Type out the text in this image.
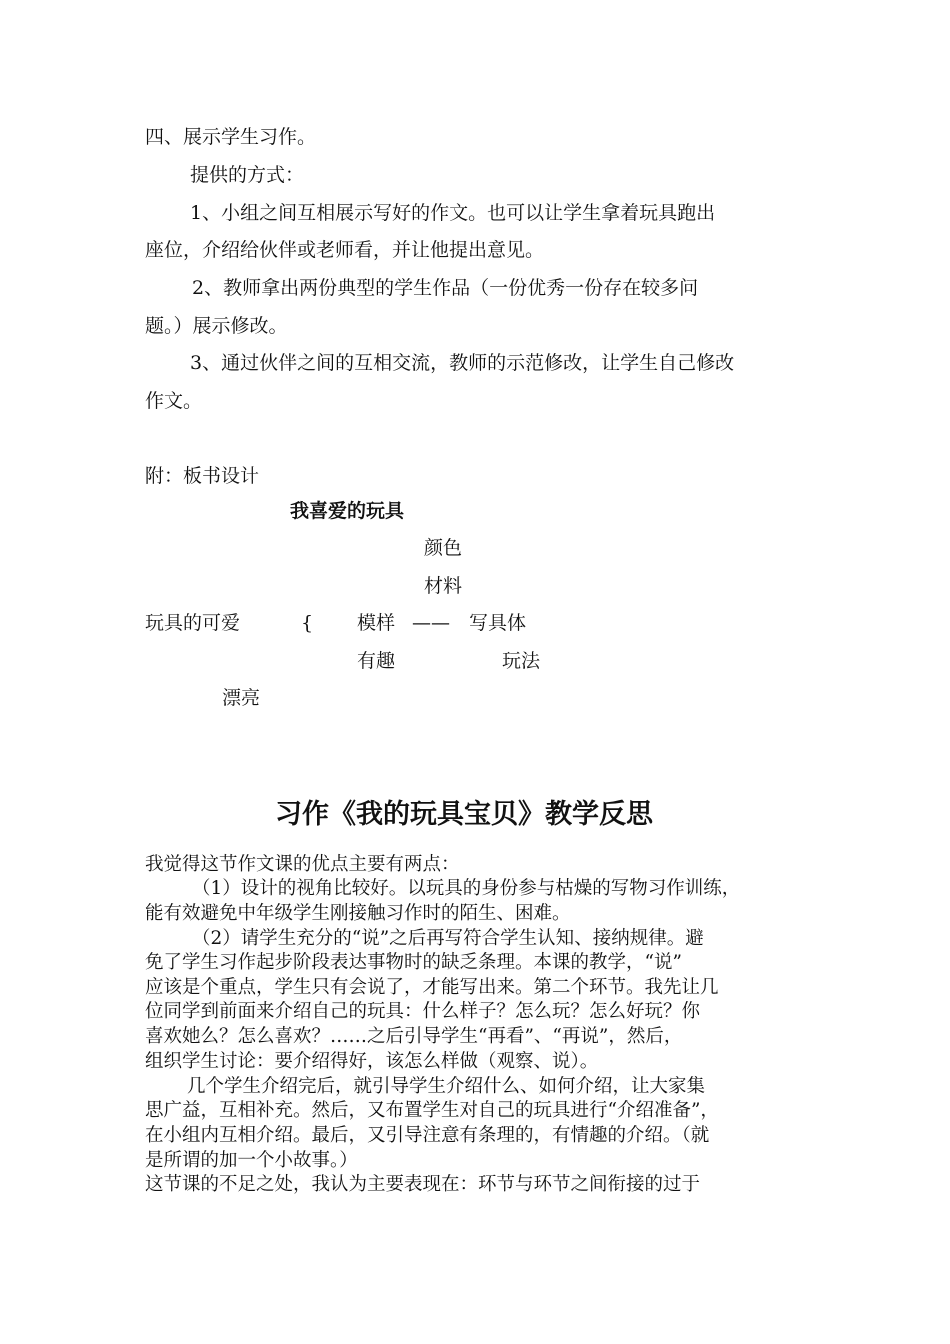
四、展示学生习作。
提供的方式：
1、小组之间互相展示写好的作文。也可以让学生拿着玩具跑出
座位，介绍给伙伴或老师看，并让他提出意见。
2、教师拿出两份典型的学生作品（一份优秀一份存在较多问
题。）展示修改。
3、通过伙伴之间的互相交流，教师的示范修改，让学生自己修改
作文。
附：板书设计
我喜爱的玩具
颜色
材料
玩具的可爱	{ 模样 —— 写具体
有趣	玩法
漂亮
习作《我的玩具宝贝》教学反思
我觉得这节作文课的优点主要有两点：
（1）设计的视角比较好。以玩具的身份参与枯燥的写物习作训练，
能有效避免中年级学生刚接触习作时的陌生、困难。
（2）请学生充分的“说”之后再写符合学生认知、接纳规律。避
免了学生习作起步阶段表达事物时的缺乏条理。本课的教学，“说”
应该是个重点，学生只有会说了，才能写出来。第二个环节。我先让几
位同学到前面来介绍自己的玩具：什么样子？怎么玩？怎么好玩？你
喜欢她么？怎么喜欢？……之后引导学生“再看”、“再说”，然后，
组织学生讨论：要介绍得好，该怎么样做（观察、说）。
几个学生介绍完后，就引导学生介绍什么、如何介绍，让大家集
思广益，互相补充。然后，又布置学生对自己的玩具进行“介绍准备”，
在小组内互相介绍。最后，又引导注意有条理的，有情趣的介绍。（就
是所谓的加一个小故事。）
这节课的不足之处，我认为主要表现在：环节与环节之间衔接的过于
